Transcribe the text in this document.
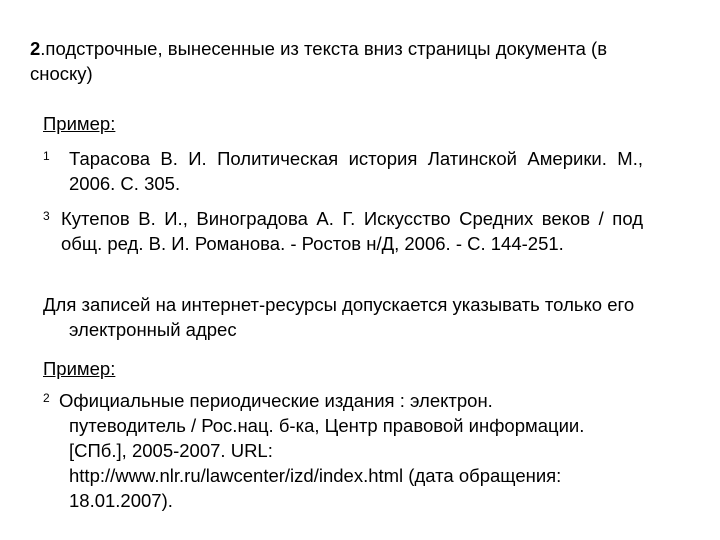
2.подстрочные, вынесенные из текста вниз страницы документа (в сноску)
Пример:
1	Тарасова В. И. Политическая история Латинской Америки. М., 2006. С. 305.
3 Кутепов В. И., Виноградова А. Г. Искусство Средних веков / под общ. ред. В. И. Романова. - Ростов н/Д, 2006. - С. 144-251.
Для записей на интернет-ресурсы допускается указывать только его электронный адрес
Пример:
2 Официальные периодические издания : электрон. путеводитель / Рос.нац. б-ка, Центр правовой информации. [СПб.], 2005-2007. URL: http://www.nlr.ru/lawcenter/izd/index.html (дата обращения: 18.01.2007).
